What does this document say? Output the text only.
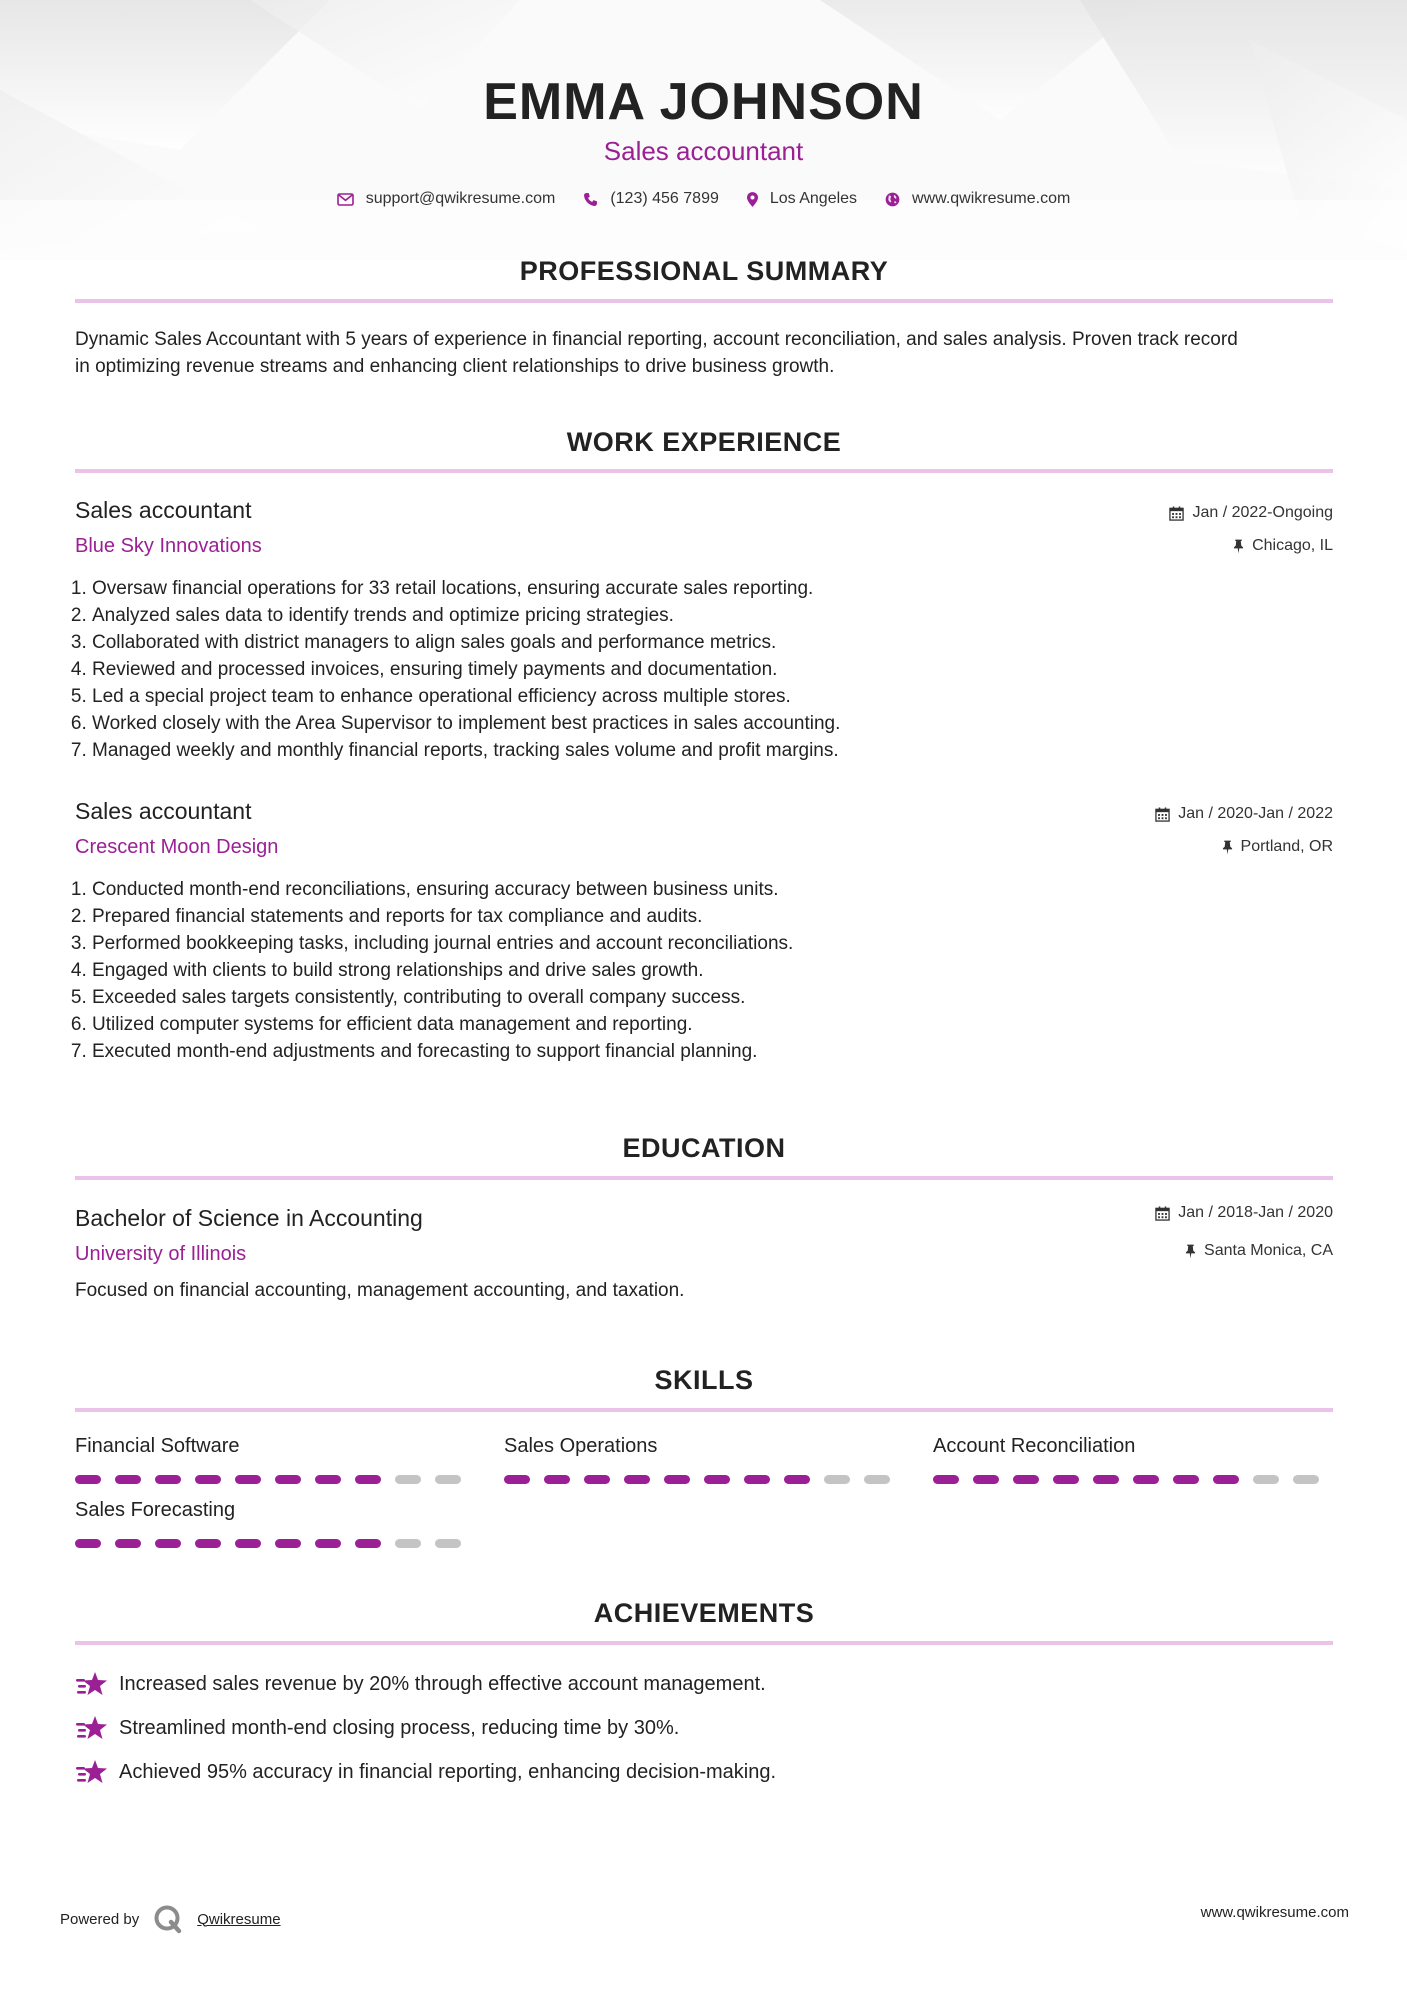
EMMA JOHNSON
Sales accountant
support@qwikresume.com	(123) 456 7899	Los Angeles	www.qwikresume.com
PROFESSIONAL SUMMARY
Dynamic Sales Accountant with 5 years of experience in financial reporting, account reconciliation, and sales analysis. Proven track record
in optimizing revenue streams and enhancing client relationships to drive business growth.
WORK EXPERIENCE
Sales accountant
Blue Sky Innovations
Jan / 2022-Ongoing
Chicago, IL
1. Oversaw financial operations for 33 retail locations, ensuring accurate sales reporting.
2. Analyzed sales data to identify trends and optimize pricing strategies.
3. Collaborated with district managers to align sales goals and performance metrics.
4. Reviewed and processed invoices, ensuring timely payments and documentation.
5. Led a special project team to enhance operational efficiency across multiple stores.
6. Worked closely with the Area Supervisor to implement best practices in sales accounting.
7. Managed weekly and monthly financial reports, tracking sales volume and profit margins.
Sales accountant
Crescent Moon Design
Jan / 2020-Jan / 2022
Portland, OR
1. Conducted month-end reconciliations, ensuring accuracy between business units.
2. Prepared financial statements and reports for tax compliance and audits.
3. Performed bookkeeping tasks, including journal entries and account reconciliations.
4. Engaged with clients to build strong relationships and drive sales growth.
5. Exceeded sales targets consistently, contributing to overall company success.
6. Utilized computer systems for efficient data management and reporting.
7. Executed month-end adjustments and forecasting to support financial planning.
EDUCATION
Bachelor of Science in Accounting
University of Illinois
Jan / 2018-Jan / 2020
Santa Monica, CA
Focused on financial accounting, management accounting, and taxation.
SKILLS
Financial Software	Sales Operations	Account Reconciliation
Sales Forecasting
ACHIEVEMENTS
Increased sales revenue by 20% through effective account management.
Streamlined month-end closing process, reducing time by 30%.
Achieved 95% accuracy in financial reporting, enhancing decision-making.
Powered by	Qwikresume	www.qwikresume.com
